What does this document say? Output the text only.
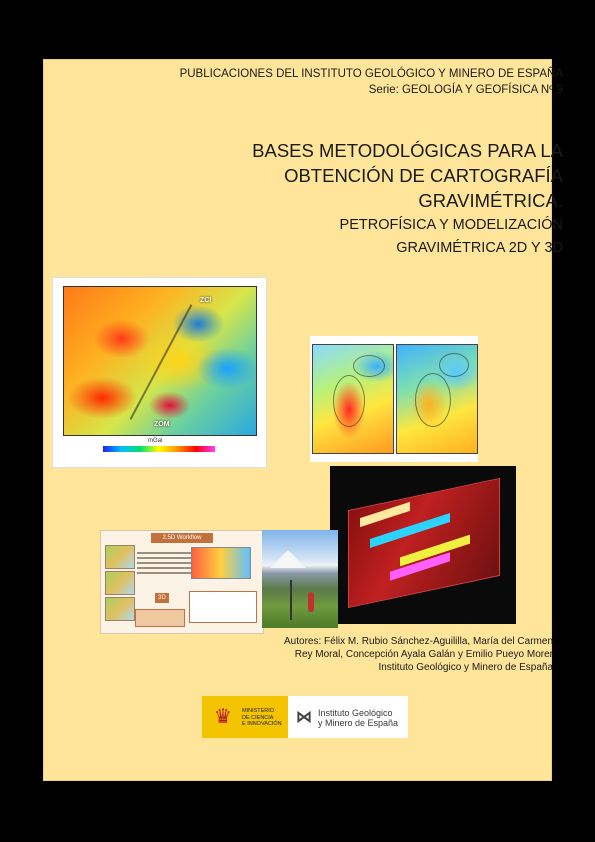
PUBLICACIONES DEL INSTITUTO GEOLÓGICO Y MINERO DE ESPAÑA
Serie: GEOLOGÍA Y GEOFÍSICA Nº 9
BASES METODOLÓGICAS PARA LA
OBTENCIÓN DE CARTOGRAFÍA
GRAVIMÉTRICA.
PETROFÍSICA Y MODELIZACIÓN
GRAVIMÉTRICA 2D Y 3D
ZCI
ZOM
mGal
2.5D Workflow
3D
Autores: Félix M. Rubio Sánchez-Aguililla, María del Carmen
Rey Moral, Concepción Ayala Galán y Emilio Pueyo Morer
Instituto Geológico y Minero de España
♛	MINISTERIO
DE CIENCIA
E INNOVACIÓN ⋈ Instituto Geológico
y Minero de España
